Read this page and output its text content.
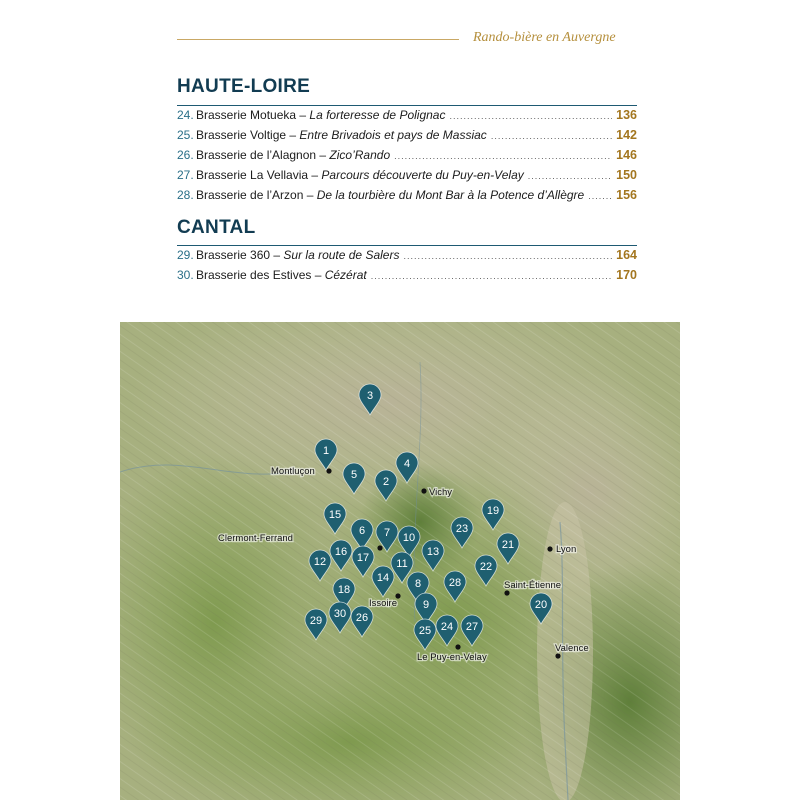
Rando-bière en Auvergne
HAUTE-LOIRE
24. Brasserie Motueka – La forteresse de Polignac .....	136
25. Brasserie Voltige – Entre Brivadois et pays de Massiac .....	142
26. Brasserie de l’Alagnon – Zico’Rando .....	146
27. Brasserie La Vellavia – Parcours découverte du Puy-en-Velay .....	150
28. Brasserie de l’Arzon – De la tourbière du Mont Bar à la Potence d’Allègre .....	156
CANTAL
29. Brasserie 360 – Sur la route de Salers .....	164
30. Brasserie des Estives – Cézérat .....	170
Montluçon
Vichy
Clermont-Ferrand
Lyon
Saint-Étienne
Issoire
Le Puy-en-Velay
Valence
1
2
3
4
5
6 7
8
9
10
11
12
13
14
15
16 17
18
19
20
21
22
23
24
25
26
27
28
29
30
